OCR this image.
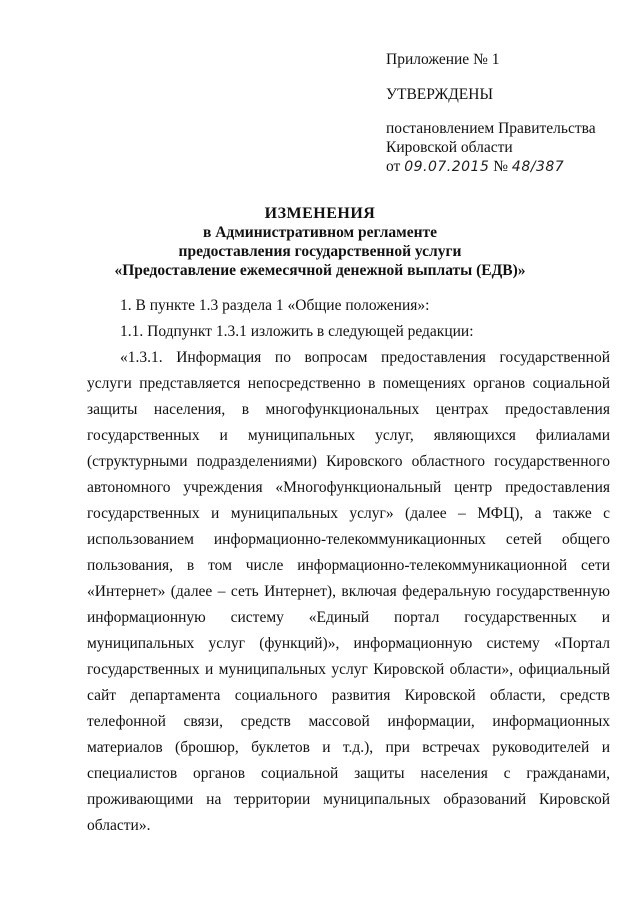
Приложение № 1
УТВЕРЖДЕНЫ
постановлением Правительства
Кировской области
от 09.07.2015 № 48/387
ИЗМЕНЕНИЯ
в Административном регламенте
предоставления государственной услуги
«Предоставление ежемесячной денежной выплаты (ЕДВ)»

1. В пункте 1.3 раздела 1 «Общие положения»:

1.1. Подпункт 1.3.1 изложить в следующей редакции:

«1.3.1. Информация по вопросам предоставления государственной
услуги представляется непосредственно в помещениях органов социальной
защиты населения, в многофункциональных центрах предоставления
государственных и муниципальных услуг, являющихся филиалами
(структурными подразделениями) Кировского областного государственного
автономного учреждения «Многофункциональный центр предоставления
государственных и муниципальных услуг» (далее – МФЦ), а также с
использованием информационно-телекоммуникационных сетей общего
пользования, в том числе информационно-телекоммуникационной сети
«Интернет» (далее – сеть Интернет), включая федеральную государственную
информационную систему «Единый портал государственных и
муниципальных услуг (функций)», информационную систему «Портал
государственных и муниципальных услуг Кировской области», официальный
сайт департамента социального развития Кировской области, средств
телефонной связи, средств массовой информации, информационных
материалов (брошюр, буклетов и т.д.), при встречах руководителей и
специалистов органов социальной защиты населения с гражданами,
проживающими на территории муниципальных образований Кировской
области».
